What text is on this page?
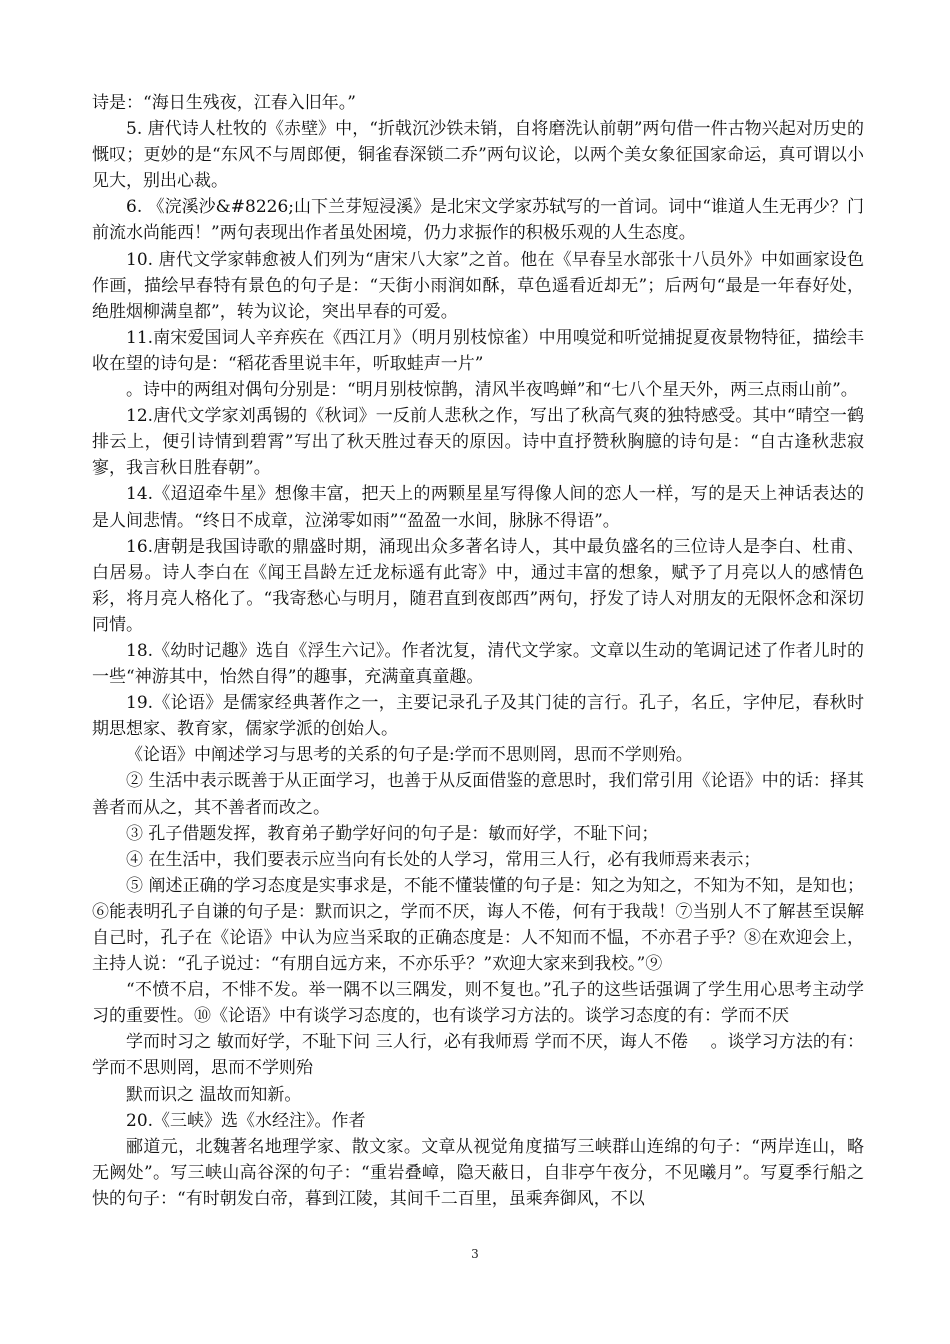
诗是：“海日生残夜，江春入旧年。”

5. 唐代诗人杜牧的《赤壁》中，“折戟沉沙铁未销，自将磨洗认前朝”两句借一件古物兴起对历史的慨叹；更妙的是“东风不与周郎便，铜雀春深锁二乔”两句议论，以两个美女象征国家命运，真可谓以小见大，别出心裁。

6. 《浣溪沙&#8226;山下兰芽短浸溪》是北宋文学家苏轼写的一首词。词中“谁道人生无再少？门前流水尚能西！”两句表现出作者虽处困境，仍力求振作的积极乐观的人生态度。

10. 唐代文学家韩愈被人们列为“唐宋八大家”之首。他在《早春呈水部张十八员外》中如画家设色作画，描绘早春特有景色的句子是：“天街小雨润如酥，草色遥看近却无”；后两句“最是一年春好处，绝胜烟柳满皇都”，转为议论，突出早春的可爱。

11.南宋爱国词人辛弃疾在《西江月》（明月别枝惊雀）中用嗅觉和听觉捕捉夏夜景物特征，描绘丰收在望的诗句是：“稻花香里说丰年，听取蛙声一片”

。诗中的两组对偶句分别是：“明月别枝惊鹊，清风半夜鸣蝉”和“七八个星天外，两三点雨山前”。

12.唐代文学家刘禹锡的《秋词》一反前人悲秋之作，写出了秋高气爽的独特感受。其中“晴空一鹤排云上，便引诗情到碧霄”写出了秋天胜过春天的原因。诗中直抒赞秋胸臆的诗句是：“自古逢秋悲寂寥，我言秋日胜春朝”。

14.《迢迢牵牛星》想像丰富，把天上的两颗星星写得像人间的恋人一样，写的是天上神话表达的是人间悲情。“终日不成章，泣涕零如雨”“盈盈一水间，脉脉不得语”。

16.唐朝是我国诗歌的鼎盛时期，涌现出众多著名诗人，其中最负盛名的三位诗人是李白、杜甫、白居易。诗人李白在《闻王昌龄左迁龙标遥有此寄》中，通过丰富的想象，赋予了月亮以人的感情色彩，将月亮人格化了。“我寄愁心与明月，随君直到夜郎西”两句，抒发了诗人对朋友的无限怀念和深切同情。

18.《幼时记趣》选自《浮生六记》。作者沈复，清代文学家。文章以生动的笔调记述了作者儿时的一些“神游其中，怡然自得”的趣事，充满童真童趣。

19.《论语》是儒家经典著作之一，主要记录孔子及其门徒的言行。孔子，名丘，字仲尼，春秋时期思想家、教育家，儒家学派的创始人。

《论语》中阐述学习与思考的关系的句子是:学而不思则罔，思而不学则殆。

② 生活中表示既善于从正面学习，也善于从反面借鉴的意思时，我们常引用《论语》中的话：择其善者而从之，其不善者而改之。

③ 孔子借题发挥，教育弟子勤学好问的句子是：敏而好学，不耻下问；

④ 在生活中，我们要表示应当向有长处的人学习，常用三人行，必有我师焉来表示；

⑤ 阐述正确的学习态度是实事求是，不能不懂装懂的句子是：知之为知之，不知为不知，是知也；⑥能表明孔子自谦的句子是：默而识之，学而不厌，诲人不倦，何有于我哉！⑦当别人不了解甚至误解自己时，孔子在《论语》中认为应当采取的正确态度是：人不知而不愠，不亦君子乎？⑧在欢迎会上，主持人说：“孔子说过：“有朋自远方来，不亦乐乎？”欢迎大家来到我校。”⑨

“不愤不启，不悱不发。举一隅不以三隅发，则不复也。”孔子的这些话强调了学生用心思考主动学习的重要性。⑩《论语》中有谈学习态度的，也有谈学习方法的。谈学习态度的有：学而不厌

学而时习之 敏而好学，不耻下问 三人行，必有我师焉 学而不厌，诲人不倦 　。谈学习方法的有：学而不思则罔，思而不学则殆

默而识之 温故而知新。

20.《三峡》选《水经注》。作者

郦道元，北魏著名地理学家、散文家。文章从视觉角度描写三峡群山连绵的句子：“两岸连山，略无阙处”。写三峡山高谷深的句子：“重岩叠嶂，隐天蔽日，自非亭午夜分，不见曦月”。写夏季行船之快的句子：“有时朝发白帝，暮到江陵，其间千二百里，虽乘奔御风，不以

3
